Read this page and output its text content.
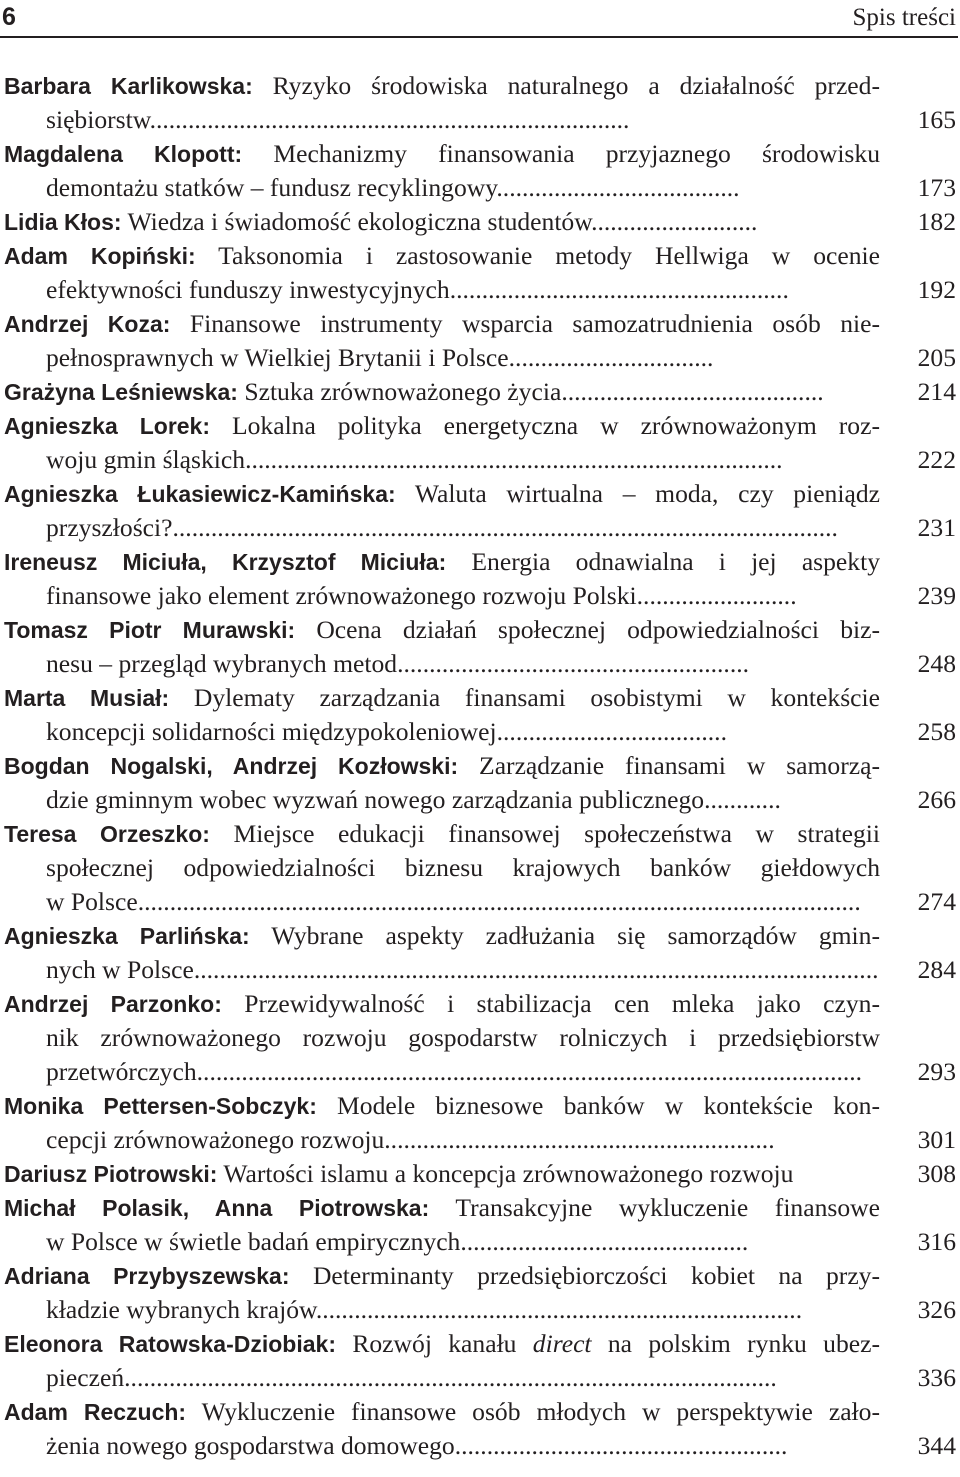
6	Spis treści
Barbara Karlikowska: Ryzyko środowiska naturalnego a działalność przed-
siębiorstw...........................................................................	165
Magdalena Klopott: Mechanizmy finansowania przyjaznego środowisku
demontażu statków – fundusz recyklingowy......................................	173
Lidia Kłos: Wiedza i świadomość ekologiczna studentów..........................	182
Adam Kopiński: Taksonomia i zastosowanie metody Hellwiga w ocenie
efektywności funduszy inwestycyjnych.....................................................	192
Andrzej Koza: Finansowe instrumenty wsparcia samozatrudnienia osób nie-
pełnosprawnych w Wielkiej Brytanii i Polsce................................	205
Grażyna Leśniewska: Sztuka zrównoważonego życia.........................................	214
Agnieszka Lorek: Lokalna polityka energetyczna w zrównoważonym roz-
woju gmin śląskich....................................................................................	222
Agnieszka Łukasiewicz-Kamińska: Waluta wirtualna – moda, czy pieniądz
przyszłości?........................................................................................................	231
Ireneusz Miciuła, Krzysztof Miciuła: Energia odnawialna i jej aspekty
finansowe jako element zrównoważonego rozwoju Polski.........................	239
Tomasz Piotr Murawski: Ocena działań społecznej odpowiedzialności biz-
nesu – przegląd wybranych metod.......................................................	248
Marta Musiał: Dylematy zarządzania finansami osobistymi w kontekście
koncepcji solidarności międzypokoleniowej....................................	258
Bogdan Nogalski, Andrzej Kozłowski: Zarządzanie finansami w samorzą-
dzie gminnym wobec wyzwań nowego zarządzania publicznego............	266
Teresa Orzeszko: Miejsce edukacji finansowej społeczeństwa w strategii
społecznej odpowiedzialności biznesu krajowych banków giełdowych
w Polsce.................................................................................................................	274
Agnieszka Parlińska: Wybrane aspekty zadłużania się samorządów gmin-
nych w Polsce........................................................................................................... 284
Andrzej Parzonko: Przewidywalność i stabilizacja cen mleka jako czyn-
nik zrównoważonego rozwoju gospodarstw rolniczych i przedsiębiorstw
przetwórczych........................................................................................................	293
Monika Pettersen-Sobczyk: Modele biznesowe banków w kontekście kon-
cepcji zrównoważonego rozwoju.............................................................	301
Dariusz Piotrowski: Wartości islamu a koncepcja zrównoważonego rozwoju	308
Michał Polasik, Anna Piotrowska: Transakcyjne wykluczenie finansowe
w Polsce w świetle badań empirycznych.............................................	316
Adriana Przybyszewska: Determinanty przedsiębiorczości kobiet na przy-
kładzie wybranych krajów............................................................................	326
Eleonora Ratowska-Dziobiak: Rozwój kanału direct na polskim rynku ubez-
pieczeń......................................................................................................	336
Adam Reczuch: Wykluczenie finansowe osób młodych w perspektywie zało-
żenia nowego gospodarstwa domowego....................................................	344
